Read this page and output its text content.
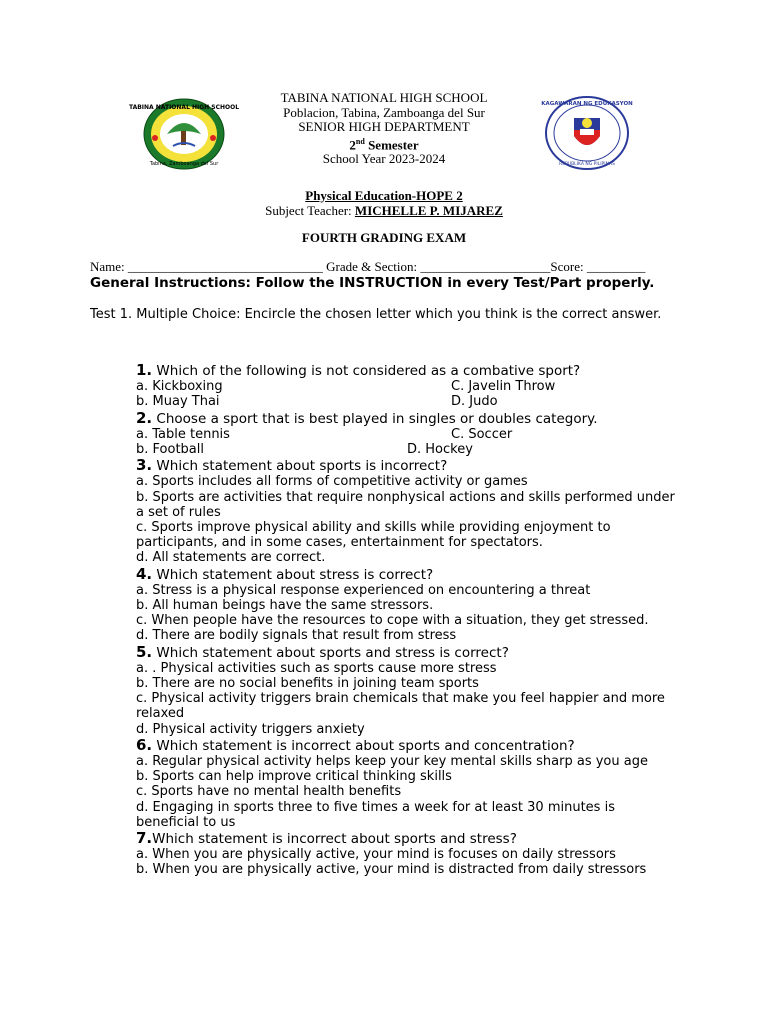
TABINA NATIONAL HIGH SCHOOL
Tabina, Zamboanga del Sur
KAGAWARAN NG EDUKASYON
REPUBLIKA NG PILIPINAS
TABINA NATIONAL HIGH SCHOOL
Poblacion, Tabina, Zamboanga del Sur
SENIOR HIGH DEPARTMENT
2nd Semester
School Year 2023-2024
Physical Education-HOPE 2
Subject Teacher: MICHELLE P. MIJAREZ
FOURTH GRADING EXAM
Name: ______________________________ Grade & Section: ____________________Score: _________
General Instructions: Follow the INSTRUCTION in every Test/Part properly.
Test 1. Multiple Choice: Encircle the chosen letter which you think is the correct answer.
1. Which of the following is not considered as a combative sport?
a. Kickboxing	C. Javelin Throw
b. Muay Thai	D. Judo
2. Choose a sport that is best played in singles or doubles category.
a. Table tennis	C. Soccer
b. Football	D. Hockey
3. Which statement about sports is incorrect?
a. Sports includes all forms of competitive activity or games
b. Sports are activities that require nonphysical actions and skills performed under a set of rules
c. Sports improve physical ability and skills while providing enjoyment to participants, and in some cases, entertainment for spectators.
d. All statements are correct.
4. Which statement about stress is correct?
a. Stress is a physical response experienced on encountering a threat
b. All human beings have the same stressors.
c. When people have the resources to cope with a situation, they get stressed.
d. There are bodily signals that result from stress
5. Which statement about sports and stress is correct?
a. . Physical activities such as sports cause more stress
b. There are no social benefits in joining team sports
c. Physical activity triggers brain chemicals that make you feel happier and more relaxed
d. Physical activity triggers anxiety
6. Which statement is incorrect about sports and concentration?
a. Regular physical activity helps keep your key mental skills sharp as you age
b. Sports can help improve critical thinking skills
c. Sports have no mental health benefits
d. Engaging in sports three to five times a week for at least 30 minutes is beneficial to us
7.Which statement is incorrect about sports and stress?
a. When you are physically active, your mind is focuses on daily stressors
b. When you are physically active, your mind is distracted from daily stressors
